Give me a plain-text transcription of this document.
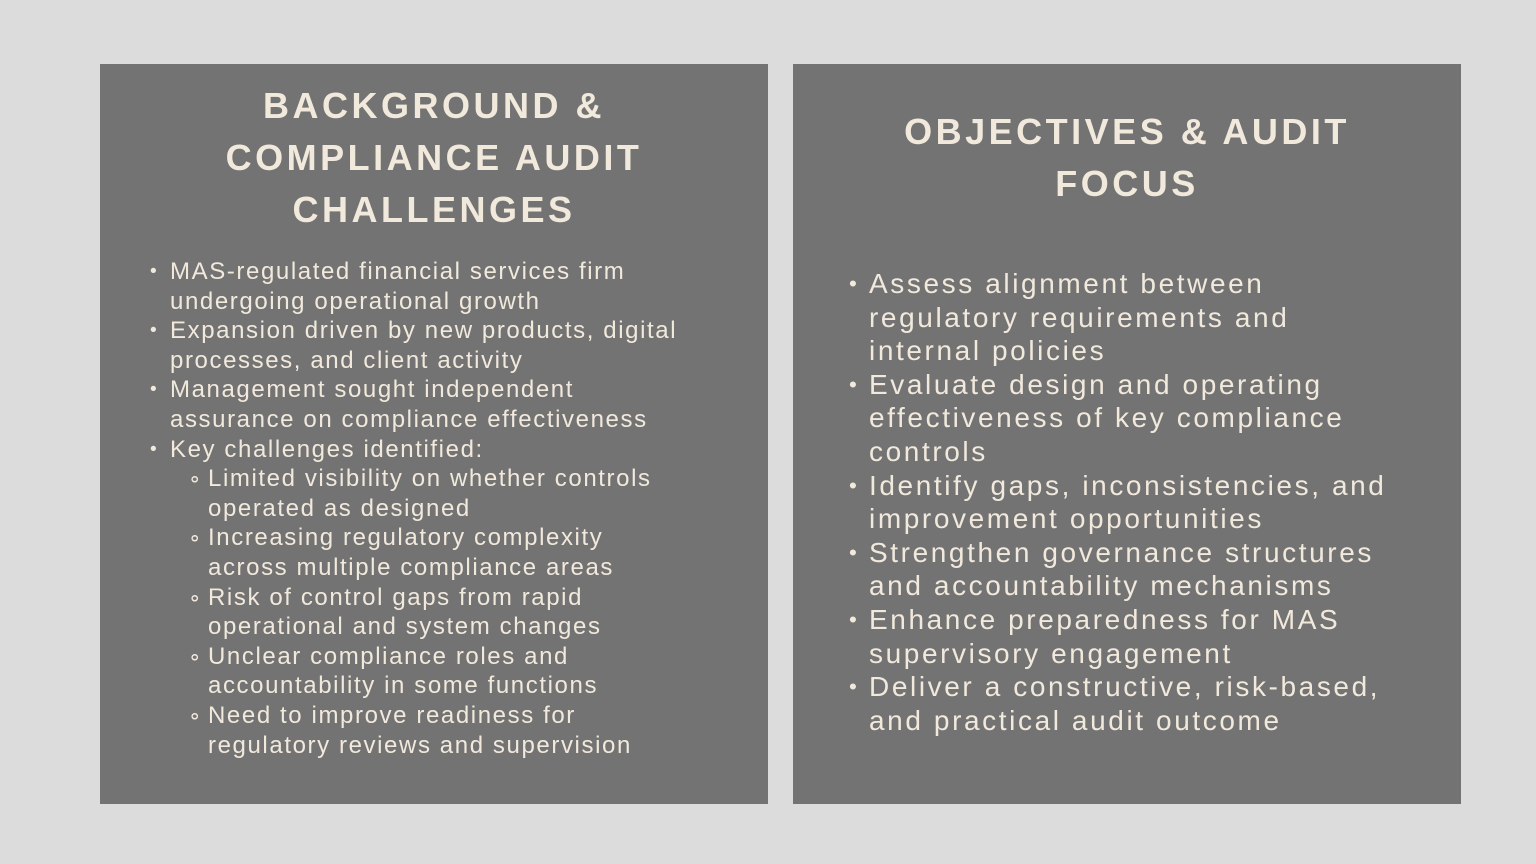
BACKGROUND &
COMPLIANCE AUDIT
CHALLENGES
• MAS-regulated financial services firm
undergoing operational growth
• Expansion driven by new products, digital
processes, and client activity
• Management sought independent
assurance on compliance effectiveness
• Key challenges identified:
∘ Limited visibility on whether controls
operated as designed
∘ Increasing regulatory complexity
across multiple compliance areas
∘ Risk of control gaps from rapid
operational and system changes
∘ Unclear compliance roles and
accountability in some functions
∘ Need to improve readiness for
regulatory reviews and supervision
OBJECTIVES & AUDIT
FOCUS
• Assess alignment between
regulatory requirements and
internal policies
• Evaluate design and operating
effectiveness of key compliance
controls
• Identify gaps, inconsistencies, and
improvement opportunities
• Strengthen governance structures
and accountability mechanisms
• Enhance preparedness for MAS
supervisory engagement
• Deliver a constructive, risk-based,
and practical audit outcome
